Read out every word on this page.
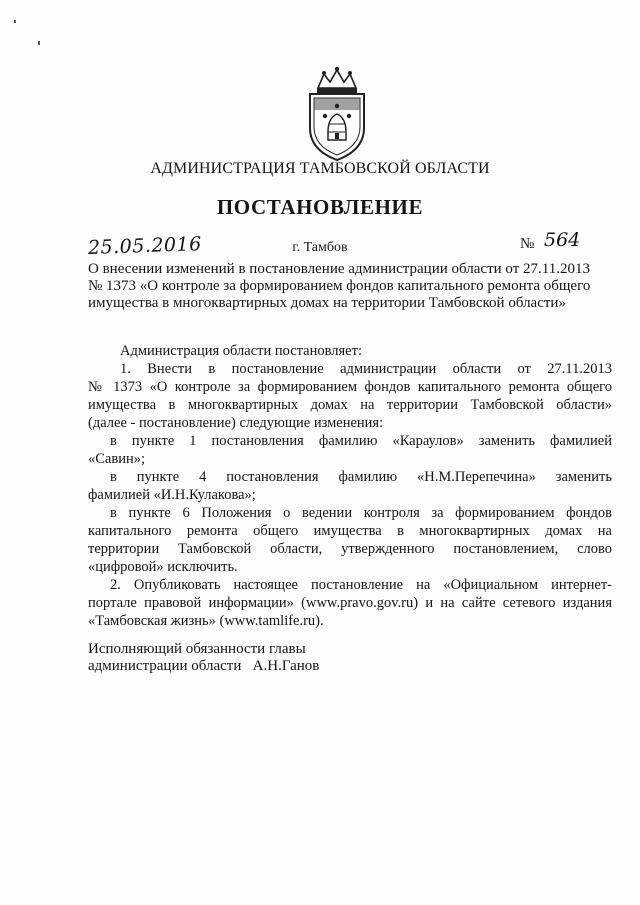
АДМИНИСТРАЦИЯ ТАМБОВСКОЙ ОБЛАСТИ
ПОСТАНОВЛЕНИЕ
25.05.2016	г. Тамбов	№ 564
О внесении изменений в постановление администрации области от 27.11.2013
№ 1373 «О контроле за формированием фондов капитального ремонта общего
имущества в многоквартирных домах на территории Тамбовской области»
Администрация области постановляет:
1. Внести в постановление администрации области от 27.11.2013
№ 1373 «О контроле за формированием фондов капитального ремонта общего
имущества в многоквартирных домах на территории Тамбовской области»
(далее - постановление) следующие изменения:
в пункте 1 постановления фамилию «Караулов» заменить фамилией
«Савин»;
в пункте 4 постановления фамилию «Н.М.Перепечина» заменить
фамилией «И.Н.Кулакова»;
в пункте 6 Положения о ведении контроля за формированием фондов
капитального ремонта общего имущества в многоквартирных домах на
территории Тамбовской области, утвержденного постановлением, слово
«цифровой» исключить.
2. Опубликовать настоящее постановление на «Официальном интернет-
портале правовой информации» (www.pravo.gov.ru) и на сайте сетевого издания
«Тамбовская жизнь» (www.tamlife.ru).
Исполняющий обязанности главы
администрации области А.Н.Ганов
